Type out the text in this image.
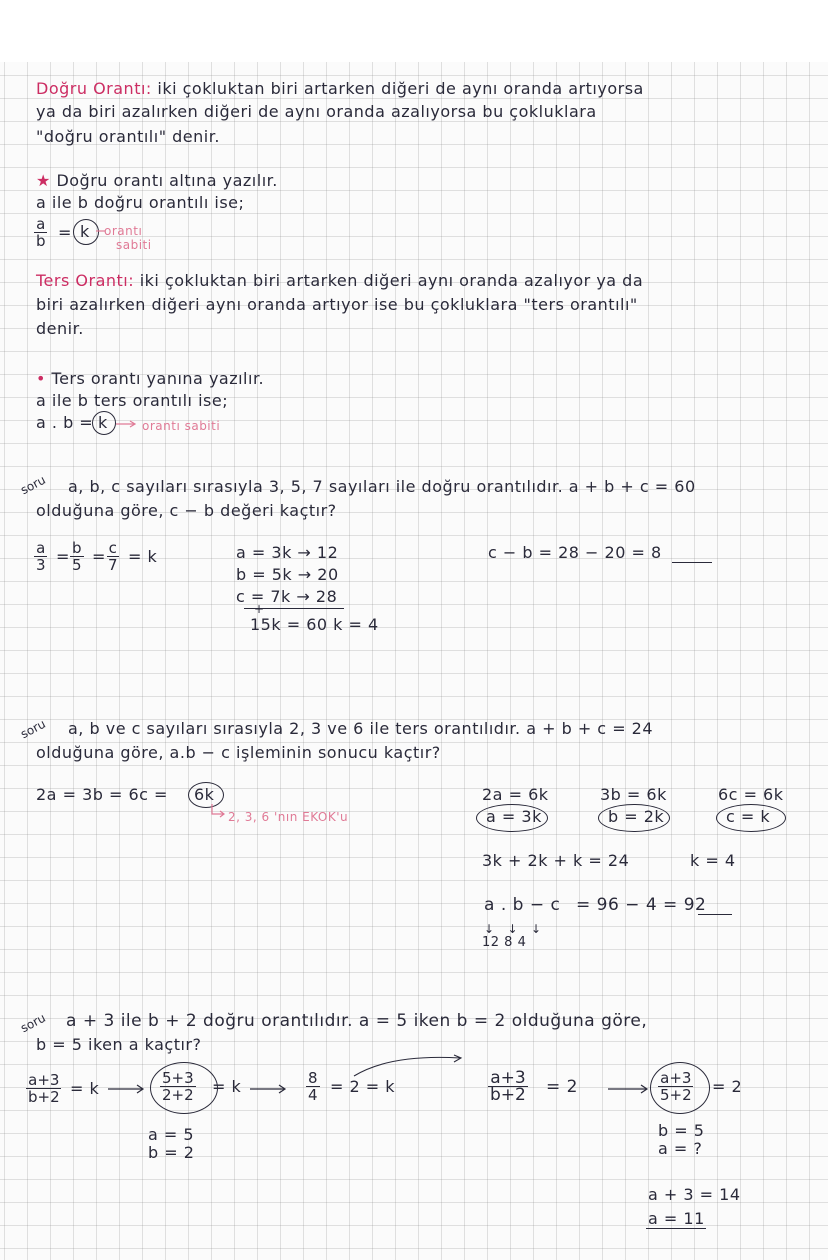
Doğru Orantı: iki çokluktan biri artarken diğeri de aynı oranda artıyorsa
ya da biri azalırken diğeri de aynı oranda azalıyorsa bu çokluklara
"doğru orantılı" denir.
★ Doğru orantı altına yazılır.
a ile b doğru orantılı ise;
$\frac{a}{b} = k$ orantı
sabiti
Ters Orantı: iki çokluktan biri artarken diğeri aynı oranda azalıyor ya da
biri azalırken diğeri aynı oranda artıyor ise bu çokluklara "ters orantılı"
denir.
• Ters orantı yanına yazılır.
a ile b ters orantılı ise;
a . b = k	orantı sabiti
soru a, b, c sayıları sırasıyla 3, 5, 7 sayıları ile doğru orantılıdır. a + b + c = 60
olduğuna göre, c − b değeri kaçtır?
$\frac{a}{3} = \frac{b}{5} = \frac{c}{7} = k$	a = 3k → 12
b = 5k → 20
c = 7k → 28
+
15k = 60 k = 4
c − b = 28 − 20 = 8
soru a, b ve c sayıları sırasıyla 2, 3 ve 6 ile ters orantılıdır. a + b + c = 24
olduğuna göre, a.b − c işleminin sonucu kaçtır?
2a = 3b = 6c = 6k
2, 3, 6 'nın EKOK'u
2a = 6k	3b = 6k	6c = 6k
a = 3k	b = 2k	c = k
3k + 2k + k = 24	k = 4
a . b − c = 96 − 4 = 92
↓   ↓   ↓
12 8 4
soru a + 3 ile b + 2 doğru orantılıdır. a = 5 iken b = 2 olduğuna göre,
b = 5 iken a kaçtır?
$\frac{a+3}{b+2} = k$	$\frac{5+3}{2+2} = k$	$\frac{8}{4} = 2 = k$	$\frac{a+3}{b+2} = 2$	$\frac{a+3}{5+2} = 2$
a = 5
b = 2
b = 5
a = ?
a + 3 = 14
a = 11
